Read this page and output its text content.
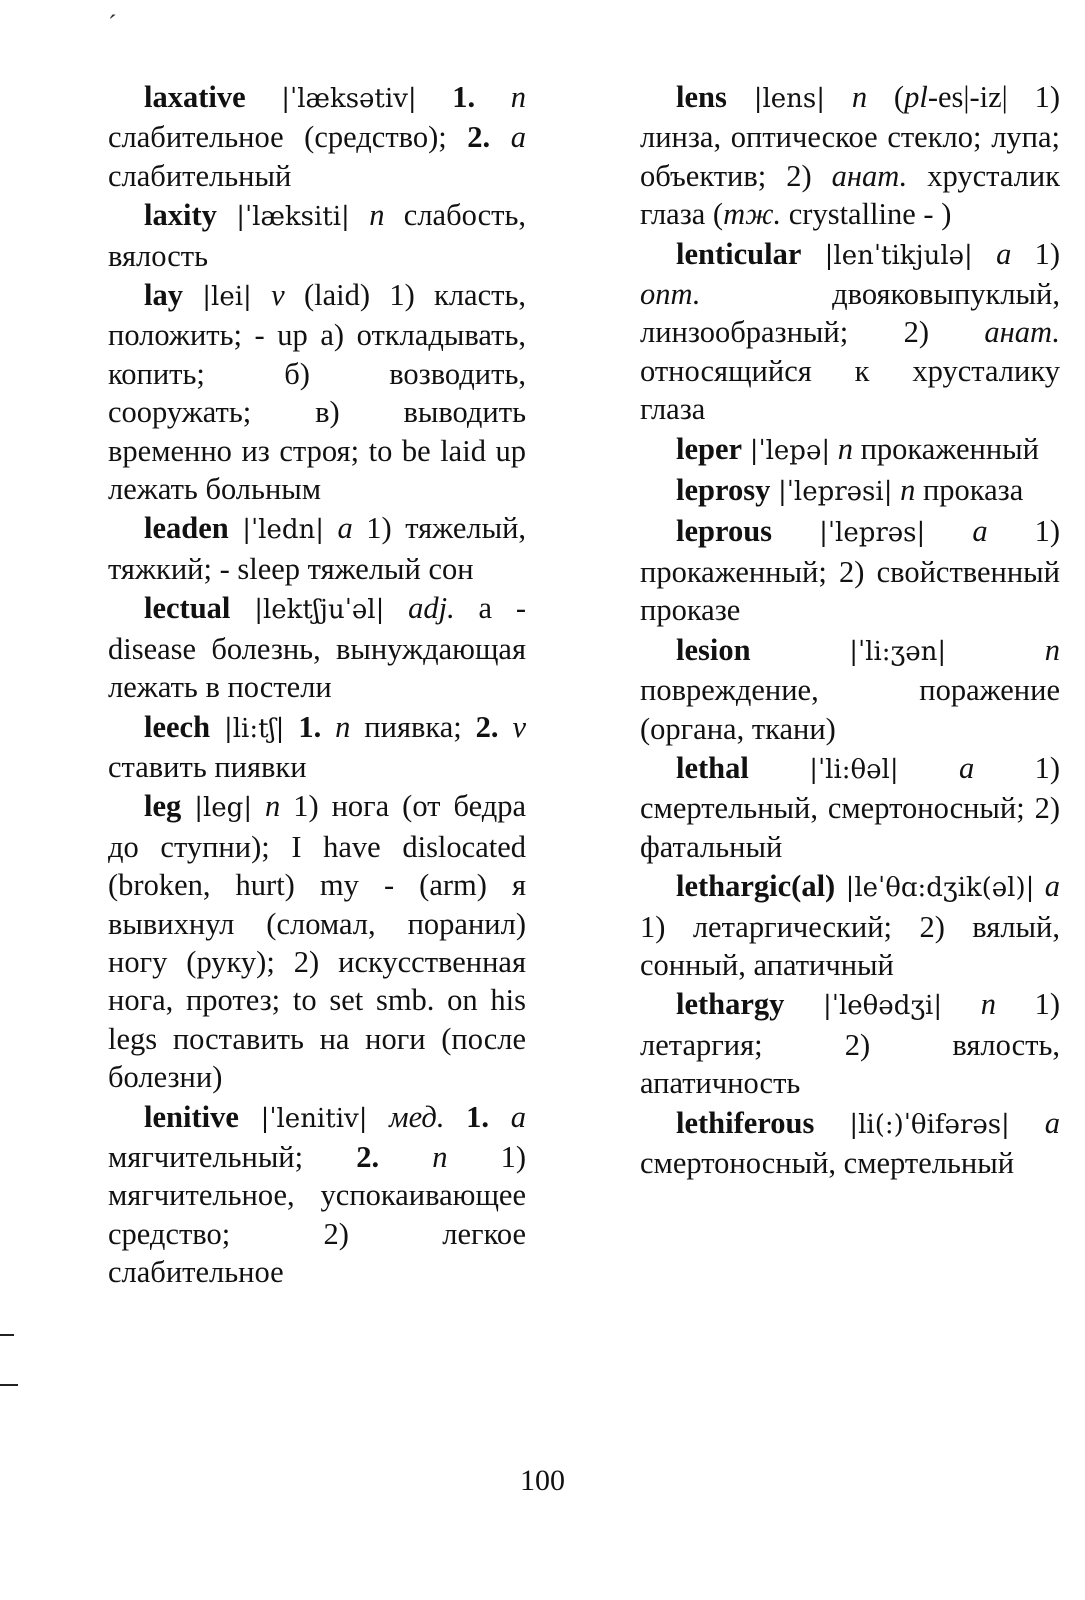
ˊ

laxative |ˈlæksətiv| 1. n слабительное (средство); 2. a слабительный

laxity |ˈlæksiti| n слабость, вялость

lay |lei| v (laid) 1) класть, положить; - up а) откладывать, копить; б) возводить, сооружать; в) выводить временно из строя; to be laid up лежать больным

leaden |ˈledn| a 1) тяжелый, тяжкий; - sleep тяжелый сон

lectual |lektʃjuˈəl| adj. a - disease болезнь, вынуждающая лежать в постели

leech |li:tʃ| 1. n пиявка; 2. v ставить пиявки

leg |leg| n 1) нога (от бедра до ступни); I have dislocated (broken, hurt) my - (arm) я вывихнул (сломал, поранил) ногу (руку); 2) искусственная нога, протез; to set smb. on his legs поставить на ноги (после болезни)

lenitive |ˈlenitiv| мед. 1. a мягчительный; 2. n 1) мягчительное, успокаивающее средство; 2) легкое слабительное

lens |lens| n (pl-es|-iz| 1) линза, оптическое стекло; лупа; объектив; 2) анат. хрусталик глаза (тж. crystalline - )

lenticular |lenˈtikjulə| a 1) опт. двояковыпуклый, линзообразный; 2) анат. относящийся к хрусталику глаза

leper |ˈlepə| n прокаженный

leprosy |ˈleprəsi| n проказа

leprous |ˈleprəs| a 1) прокаженный; 2) свойственный проказе

lesion	|ˈli:ʒən|	n повреждение, поражение (органа, ткани)

lethal |ˈli:θəl| a 1) смертельный, смертоносный; 2) фатальный

lethargic(al) |leˈθɑ:dʒik(əl)| a 1) летаргический; 2) вялый, сонный, апатичный

lethargy |ˈleθədʒi| n 1) летаргия; 2) вялость, апатичность

lethiferous |li(:)ˈθifərəs| a смертоносный, смертельный

100
